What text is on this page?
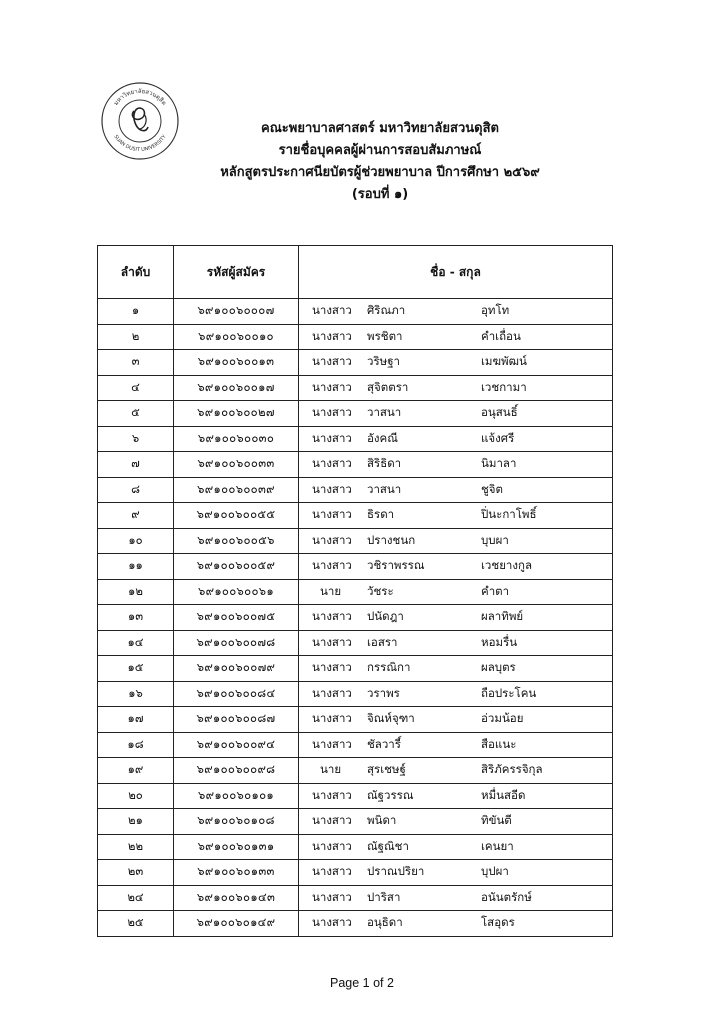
มหาวิทยาลัยสวนดุสิต
SUAN DUSIT UNIVERSITY
คณะพยาบาลศาสตร์ มหาวิทยาลัยสวนดุสิต
รายชื่อบุคคลผู้ผ่านการสอบสัมภาษณ์
หลักสูตรประกาศนียบัตรผู้ช่วยพยาบาล ปีการศึกษา ๒๕๖๙
(รอบที่ ๑)
ลำดับ	รหัสผู้สมัคร	ชื่อ - สกุล
๑	๖๙๑๐๐๖๐๐๐๗	นางสาว ศิริณภา อุทโท

๒	๖๙๑๐๐๖๐๐๑๐	นางสาว พรชิตา คำเถื่อน

๓	๖๙๑๐๐๖๐๐๑๓	นางสาว วริษฐา เมฆพัฒน์

๔	๖๙๑๐๐๖๐๐๑๗	นางสาว สุจิตตรา เวชกามา

๕	๖๙๑๐๐๖๐๐๒๗	นางสาว วาสนา อนุสนธิ์

๖	๖๙๑๐๐๖๐๐๓๐	นางสาว อังคณี แจ้งศรี

๗	๖๙๑๐๐๖๐๐๓๓	นางสาว สิริธิดา นิมาลา

๘	๖๙๑๐๐๖๐๐๓๙	นางสาว วาสนา ชูจิต

๙	๖๙๑๐๐๖๐๐๕๕	นางสาว ธิรดา ปิ่นะกาโพธิ์

๑๐	๖๙๑๐๐๖๐๐๕๖	นางสาว ปรางชนก บุบผา

๑๑	๖๙๑๐๐๖๐๐๕๙	นางสาว วชิราพรรณ เวชยางกูล

๑๒	๖๙๑๐๐๖๐๐๖๑	นาย วัชระ คำตา

๑๓	๖๙๑๐๐๖๐๐๗๕	นางสาว ปนัดฎา ผลาทิพย์

๑๔	๖๙๑๐๐๖๐๐๗๘	นางสาว เอสรา หอมรื่น

๑๕	๖๙๑๐๐๖๐๐๗๙	นางสาว กรรณิกา ผลบุตร

๑๖	๖๙๑๐๐๖๐๐๘๔	นางสาว วราพร ถือประโคน

๑๗	๖๙๑๐๐๖๐๐๘๗	นางสาว จิณห์จุฑา อ่วมน้อย

๑๘	๖๙๑๐๐๖๐๐๙๔	นางสาว ชัลวารี์ สือแนะ

๑๙	๖๙๑๐๐๖๐๐๙๘	นาย สุรเชษฐ์ สิริภัครรจิกุล

๒๐	๖๙๑๐๐๖๐๑๐๑	นางสาว ณัฐวรรณ หมื่นสอีด

๒๑	๖๙๑๐๐๖๐๑๐๘	นางสาว พนิดา ทิขันตี

๒๒	๖๙๑๐๐๖๐๑๓๑	นางสาว ณัฐณิชา เคนยา

๒๓	๖๙๑๐๐๖๐๑๓๓	นางสาว ปราณปริยา บุปผา

๒๔	๖๙๑๐๐๖๐๑๔๓	นางสาว ปาริสา อนันตรักษ์

๒๕	๖๙๑๐๐๖๐๑๔๙	นางสาว อนุธิดา โสอุดร
Page 1 of 2
